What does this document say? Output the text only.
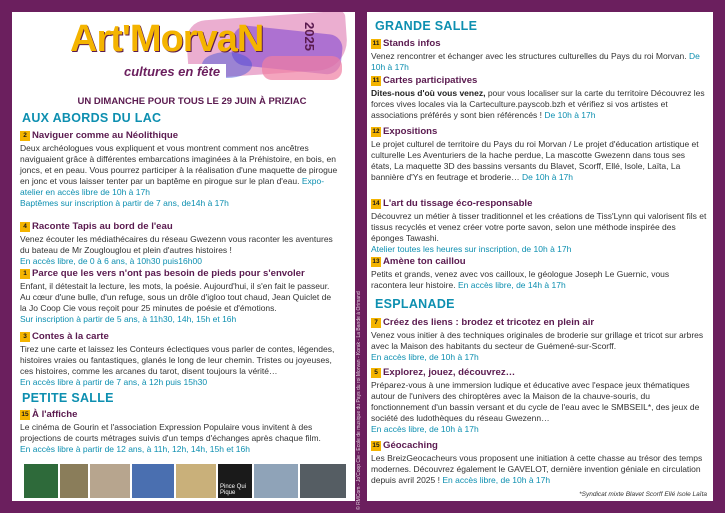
Art'MorvaN	2025
cultures en fête
UN DIMANCHE POUR TOUS LE 29 JUIN À PRIZIAC
AUX ABORDS DU LAC
2 Naviguer comme au Néolithique
Deux archéologues vous expliquent et vous montrent comment nos ancêtres naviguaient grâce à différentes embarcations imaginées à la Préhistoire, en bois, en joncs, et en peau. Vous pourrez participer à la réalisation d'une maquette de pirogue en jonc et vous laisser tenter par un baptême en pirogue sur le plan d'eau. Expo-atelier en accès libre de 10h à 17h
Baptêmes sur inscription à partir de 7 ans, de14h à 17h
4 Raconte Tapis au bord de l'eau
Venez écouter les médiathécaires du réseau Gwezenn vous raconter les aventures du bateau de Mr Zouglouglou et plein d'autres histoires !
En accès libre, de 0 à 6 ans, à 10h30 puis16h00
1 Parce que les vers n'ont pas besoin de pieds pour s'envoler
Enfant, il détestait la lecture, les mots, la poésie. Aujourd'hui, il s'en fait le passeur. Au cœur d'une bulle, d'un refuge, sous un drôle d'igloo tout chaud, Jean Quiclet de la Jo Coop Cie vous reçoit pour 25 minutes de poésie et d'émotions.
Sur inscription à partir de 5 ans, à 11h30, 14h, 15h et 16h
3 Contes à la carte
Tirez une carte et laissez les Conteurs éclectiques vous parler de contes, légendes, histoires vraies ou fantastiques, glanés le long de leur chemin. Tristes ou joyeuses, ces histoires, comme les arcanes du tarot, disent toujours la vérité…
En accès libre à partir de 7 ans, à 12h puis 15h30
PETITE SALLE
15 À l'affiche
Le cinéma de Gourin et l'association Expression Populaire vous invitent à des projections de courts métrages suivis d'un temps d'échanges après chaque film.
En accès libre à partir de 12 ans, à 11h, 12h, 14h, 15h et 16h
Pince Qui Pique	© RMCom - Jo'Coop Cie - Ecole de musique du Pays du roi Morvan - Korak - La Bande à Orimand
GRANDE SALLE
11 Stands infos
Venez rencontrer et échanger avec les structures culturelles du Pays du roi Morvan. De 10h à 17h
11 Cartes participatives
Dites-nous d'où vous venez, pour vous localiser sur la carte du territoire Découvrez les forces vives locales via la Carteculture.payscob.bzh et vérifiez si vos artistes et associations préférés y sont bien référencés ! De 10h à 17h
12 Expositions
Le projet culturel de territoire du Pays du roi Morvan / Le projet d'éducation artistique et culturelle Les Aventuriers de la hache perdue, La mascotte Gwezenn dans tous ses états, La maquette 3D des bassins versants du Blavet, Scorff, Ellé, Isole, Laïta, La bannière d'Ys en feutrage et broderie… De 10h à 17h
14 L'art du tissage éco-responsable
Découvrez un métier à tisser traditionnel et les créations de Tiss'Lynn qui valorisent fils et tissus recyclés et venez créer votre porte savon, selon une méthode inspirée des éponges Tawashi.
Atelier toutes les heures sur inscription, de 10h à 17h
13 Amène ton caillou
Petits et grands, venez avec vos cailloux, le géologue Joseph Le Guernic, vous racontera leur histoire. En accès libre, de 14h à 17h
ESPLANADE
7 Créez des liens : brodez et tricotez en plein air
Venez vous initier à des techniques originales de broderie sur grillage et tricot sur arbres avec la Maison des habitants du secteur de Guémené-sur-Scorff.
En accès libre, de 10h à 17h
5 Explorez, jouez, découvrez…
Préparez-vous à une immersion ludique et éducative avec l'espace jeux thématiques autour de l'univers des chiroptères avec la Maison de la chauve-souris, du fonctionnement d'un bassin versant et du cycle de l'eau avec le SMBSEIL*, des jeux de société des ludothèques du réseau Gwezenn…
En accès libre, de 10h à 17h
15 Géocaching
Les BreizGeocacheurs vous proposent une initiation à cette chasse au trésor des temps modernes. Découvrez également le GAVELOT, dernière invention géniale en circulation depuis avril 2025 ! En accès libre, de 10h à 17h
*Syndicat mixte Blavet Scorff Ellé Isole Laïta
